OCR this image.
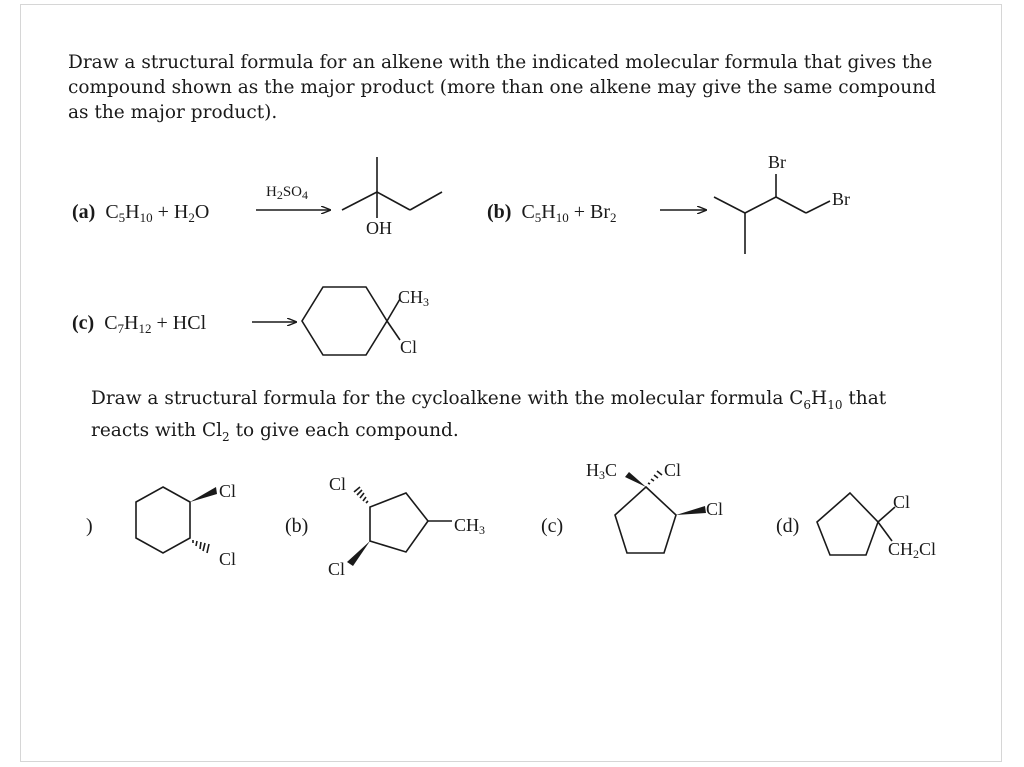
Draw a structural formula for an alkene with the indicated molecular formula that gives the compound shown as the major product (more than one alkene may give the same compound as the major product).

Draw a structural formula for the cycloalkene with the molecular formula $C_6H_{10}$ that
reacts with $Cl_2$ to give each compound.

(a) $C_5H_{10} + H_2O$
$H_2SO_4$
OH
(b) $C_5H_{10} + Br_2$
Br
Br
(c) $C_7H_{12}$ + HCl
$CH_3$
Cl
)
Cl
Cl
(b)
Cl
Cl
$CH_3$	(c)
$H_3C$	Cl
Cl
(d)
Cl
$CH_2Cl$
